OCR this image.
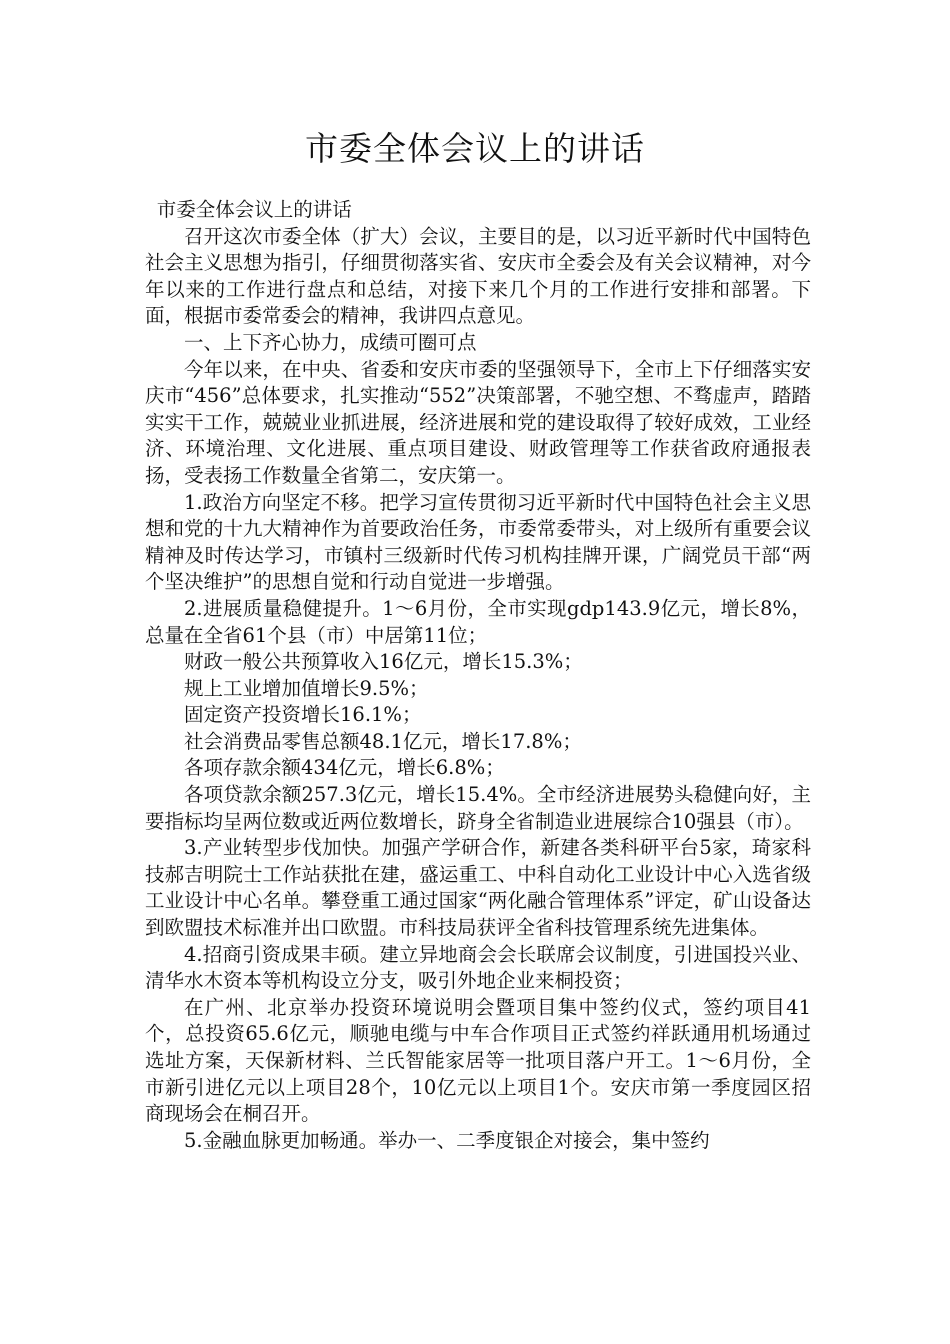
市委全体会议上的讲话

市委全体会议上的讲话

召开这次市委全体（扩大）会议，主要目的是，以习近平新时代中国特色社会主义思想为指引，仔细贯彻落实省、安庆市全委会及有关会议精神，对今年以来的工作进行盘点和总结，对接下来几个月的工作进行安排和部署。下面，根据市委常委会的精神，我讲四点意见。

一、上下齐心协力，成绩可圈可点

今年以来，在中央、省委和安庆市委的坚强领导下，全市上下仔细落实安庆市“456”总体要求，扎实推动“552”决策部署，不驰空想、不骛虚声，踏踏实实干工作，兢兢业业抓进展，经济进展和党的建设取得了较好成效，工业经济、环境治理、文化进展、重点项目建设、财政管理等工作获省政府通报表扬，受表扬工作数量全省第二，安庆第一。

1.政治方向坚定不移。把学习宣传贯彻习近平新时代中国特色社会主义思想和党的十九大精神作为首要政治任务，市委常委带头，对上级所有重要会议精神及时传达学习，市镇村三级新时代传习机构挂牌开课，广阔党员干部“两个坚决维护”的思想自觉和行动自觉进一步增强。

2.进展质量稳健提升。1～6月份，全市实现gdp143.9亿元，增长8%，总量在全省61个县（市）中居第11位；

财政一般公共预算收入16亿元，增长15.3%；

规上工业增加值增长9.5%；

固定资产投资增长16.1%；

社会消费品零售总额48.1亿元，增长17.8%；

各项存款余额434亿元，增长6.8%；

各项贷款余额257.3亿元，增长15.4%。全市经济进展势头稳健向好，主要指标均呈两位数或近两位数增长，跻身全省制造业进展综合10强县（市）。

3.产业转型步伐加快。加强产学研合作，新建各类科研平台5家，琦家科技郝吉明院士工作站获批在建，盛运重工、中科自动化工业设计中心入选省级工业设计中心名单。攀登重工通过国家“两化融合管理体系”评定，矿山设备达到欧盟技术标准并出口欧盟。市科技局获评全省科技管理系统先进集体。

4.招商引资成果丰硕。建立异地商会会长联席会议制度，引进国投兴业、清华水木资本等机构设立分支，吸引外地企业来桐投资；

在广州、北京举办投资环境说明会暨项目集中签约仪式，签约项目41个，总投资65.6亿元，顺驰电缆与中车合作项目正式签约祥跃通用机场通过选址方案，天保新材料、兰氏智能家居等一批项目落户开工。1～6月份，全市新引进亿元以上项目28个，10亿元以上项目1个。安庆市第一季度园区招商现场会在桐召开。

5.金融血脉更加畅通。举办一、二季度银企对接会，集中签约
